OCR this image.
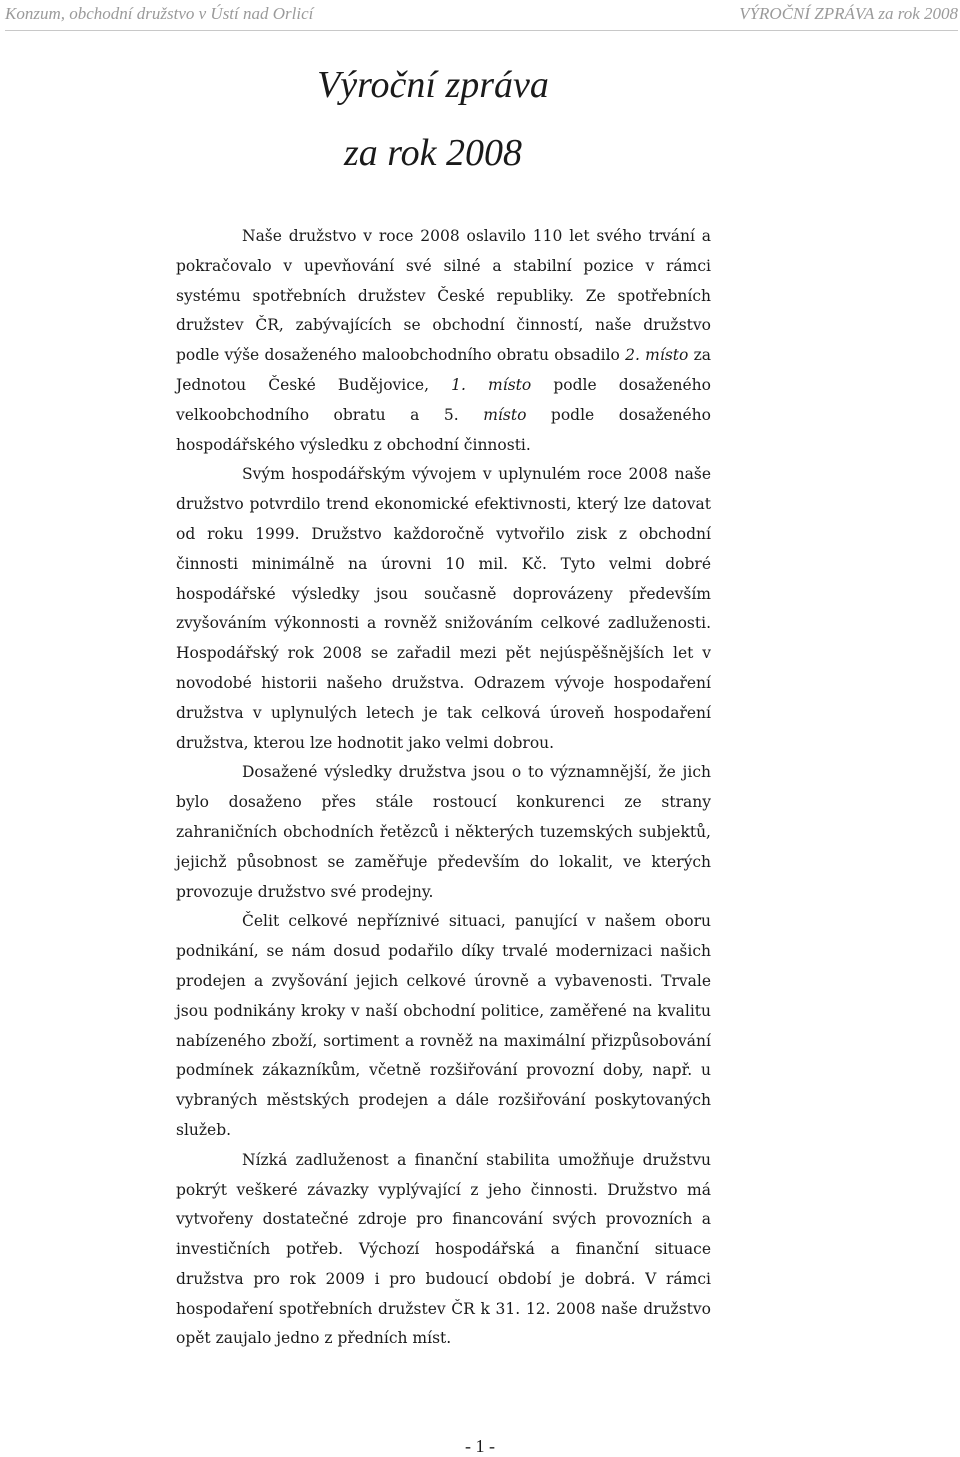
Konzum, obchodní družstvo v Ústí nad Orlicí	VÝROČNÍ ZPRÁVA za rok 2008
Výroční zpráva
za rok 2008

Naše družstvo v roce 2008 oslavilo 110 let svého trvání a pokračovalo v upevňování své silné a stabilní pozice v rámci systému spotřebních družstev České republiky. Ze spotřebních družstev ČR, zabývajících se obchodní činností, naše družstvo podle výše dosaženého maloobchodního obratu obsadilo 2. místo za Jednotou České Budějovice, 1. místo podle dosaženého velkoobchodního obratu a 5. místo podle dosaženého hospodářského výsledku z obchodní činnosti.

Svým hospodářským vývojem v uplynulém roce 2008 naše družstvo potvrdilo trend ekonomické efektivnosti, který lze datovat od roku 1999. Družstvo každoročně vytvořilo zisk z obchodní činnosti minimálně na úrovni 10 mil. Kč. Tyto velmi dobré hospodářské výsledky jsou současně doprovázeny především zvyšováním výkonnosti a rovněž snižováním celkové zadluženosti. Hospodářský rok 2008 se zařadil mezi pět nejúspěšnějších let v novodobé historii našeho družstva. Odrazem vývoje hospodaření družstva v uplynulých letech je tak celková úroveň hospodaření družstva, kterou lze hodnotit jako velmi dobrou.

Dosažené výsledky družstva jsou o to významnější, že jich bylo dosaženo přes stále rostoucí konkurenci ze strany zahraničních obchodních řetězců i některých tuzemských subjektů, jejichž působnost se zaměřuje především do lokalit, ve kterých provozuje družstvo své prodejny.

Čelit celkové nepříznivé situaci, panující v našem oboru podnikání, se nám dosud podařilo díky trvalé modernizaci našich prodejen a zvyšování jejich celkové úrovně a vybavenosti. Trvale jsou podnikány kroky v naší obchodní politice, zaměřené na kvalitu nabízeného zboží, sortiment a rovněž na maximální přizpůsobování podmínek zákazníkům, včetně rozšiřování provozní doby, např. u vybraných městských prodejen a dále rozšiřování poskytovaných služeb.

Nízká zadluženost a finanční stabilita umožňuje družstvu pokrýt veškeré závazky vyplývající z jeho činnosti. Družstvo má vytvořeny dostatečné zdroje pro financování svých provozních a investičních potřeb. Výchozí hospodářská a finanční situace družstva pro rok 2009 i pro budoucí období je dobrá. V rámci hospodaření spotřebních družstev ČR k 31. 12. 2008 naše družstvo opět zaujalo jedno z předních míst.

- 1 -
